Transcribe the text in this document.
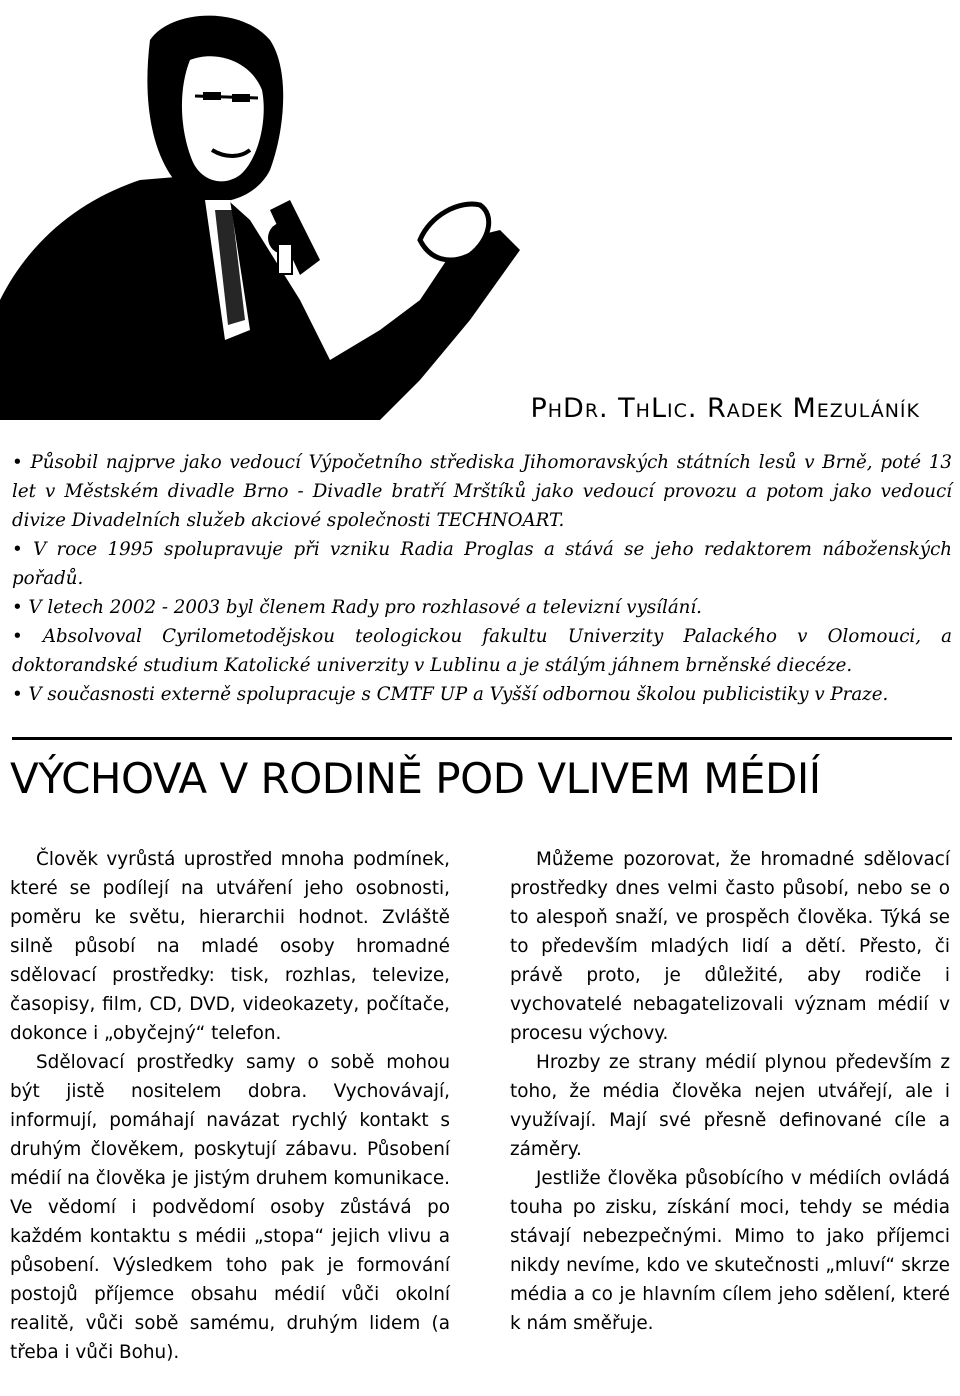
PhDr. ThLic. Radek Mezuláník
• Působil najprve jako vedoucí Výpočetního střediska Jihomoravských státních lesů v Brně, poté 13 let v Městském divadle Brno - Divadle bratří Mrštíků jako vedoucí provozu a potom jako vedoucí divize Divadelních služeb akciové společnosti TECHNOART.
• V roce 1995 spolupravuje při vzniku Radia Proglas a stává se jeho redaktorem náboženských pořadů.
• V letech 2002 - 2003 byl členem Rady pro rozhlasové a televizní vysílání.
• Absolvoval Cyrilometodějskou teologickou fakultu Univerzity Palackého v Olomouci, a doktorandské studium Katolické univerzity v Lublinu a je stálým jáhnem brněnské diecéze.
• V současnosti externě spolupracuje s CMTF UP a Vyšší odbornou školou publicistiky v Praze.
VÝCHOVA V RODINĚ POD VLIVEM MÉDIÍ

Člověk vyrůstá uprostřed mnoha podmínek, které se podílejí na utváření jeho osobnosti, poměru ke světu, hierarchii hodnot. Zvláště silně působí na mladé osoby hromadné sdělovací prostředky: tisk, rozhlas, televize, časopisy, film, CD, DVD, videokazety, počítače, dokonce i „obyčejný“ telefon.

Sdělovací prostředky samy o sobě mohou být jistě nositelem dobra. Vychovávají, informují, pomáhají navázat rychlý kontakt s druhým člověkem, poskytují zábavu. Působení médií na člověka je jistým druhem komunikace. Ve vědomí i podvědomí osoby zůstává po každém kontaktu s médii „stopa“ jejich vlivu a působení. Výsledkem toho pak je formování postojů příjemce obsahu médií vůči okolní realitě, vůči sobě samému, druhým lidem (a třeba i vůči Bohu).

Můžeme pozorovat, že hromadné sdělovací prostředky dnes velmi často působí, nebo se o to alespoň snaží, ve prospěch člověka. Týká se to především mladých lidí a dětí. Přesto, či právě proto, je důležité, aby rodiče i vychovatelé nebagatelizovali význam médií v procesu výchovy.

Hrozby ze strany médií plynou především z toho, že média člověka nejen utvářejí, ale i využívají. Mají své přesně definované cíle a záměry.

Jestliže člověka působícího v médiích ovládá touha po zisku, získání moci, tehdy se média stávají nebezpečnými. Mimo to jako příjemci nikdy nevíme, kdo ve skutečnosti „mluví“ skrze média a co je hlavním cílem jeho sdělení, které k nám směřuje.
